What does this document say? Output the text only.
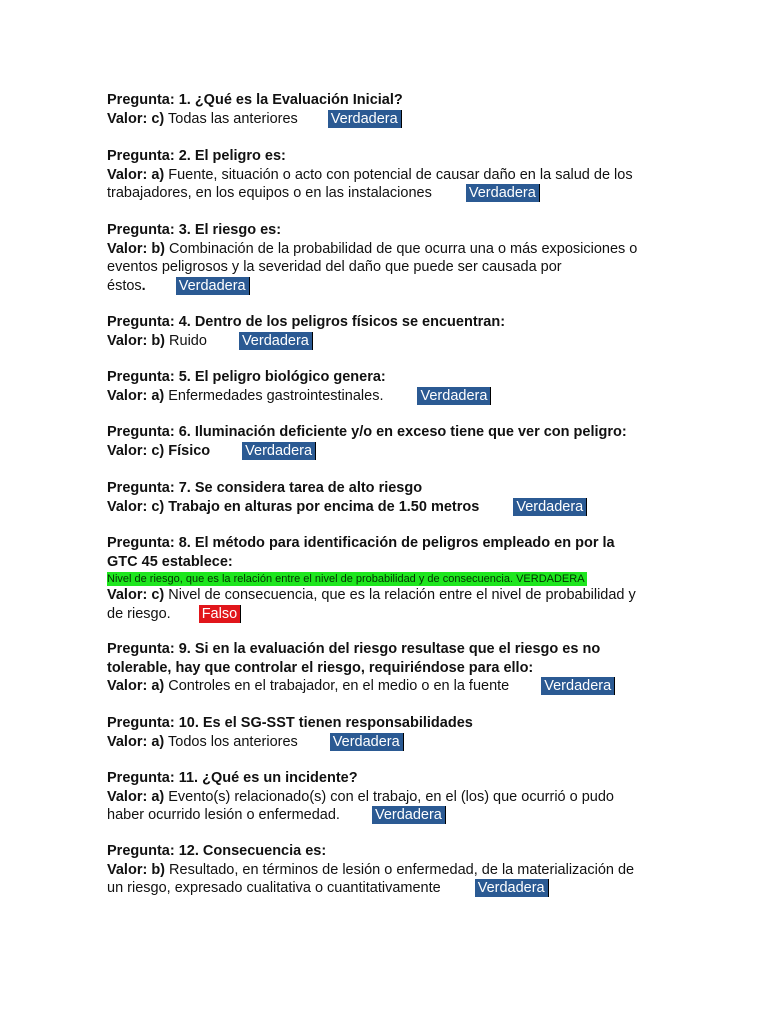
Pregunta: 1. ¿Qué es la Evaluación Inicial?
Valor: c) Todas las anteriores Verdadera
Pregunta: 2. El peligro es:
Valor: a) Fuente, situación o acto con potencial de causar daño en la salud de los
trabajadores, en los equipos o en las instalaciones	Verdadera
Pregunta: 3. El riesgo es:
Valor: b) Combinación de la probabilidad de que ocurra una o más exposiciones o
eventos peligrosos y la severidad del daño que puede ser causada por
éstos. Verdadera
Pregunta: 4. Dentro de los peligros físicos se encuentran:
Valor: b) Ruido Verdadera
Pregunta: 5. El peligro biológico genera:
Valor: a) Enfermedades gastrointestinales.	Verdadera
Pregunta: 6. Iluminación deficiente y/o en exceso tiene que ver con peligro:
Valor: c) Físico Verdadera
Pregunta: 7. Se considera tarea de alto riesgo
Valor: c) Trabajo en alturas por encima de 1.50 metros	Verdadera
Pregunta: 8. El método para identificación de peligros empleado en por la
GTC 45 establece:
Nivel de riesgo, que es la relación entre el nivel de probabilidad y de consecuencia. VERDADERA
Valor: c) Nivel de consecuencia, que es la relación entre el nivel de probabilidad y
de riesgo. Falso
Pregunta: 9. Si en la evaluación del riesgo resultase que el riesgo es no
tolerable, hay que controlar el riesgo, requiriéndose para ello:
Valor: a) Controles en el trabajador, en el medio o en la fuente Verdadera
Pregunta: 10. Es el SG-SST tienen responsabilidades
Valor: a) Todos los anteriores Verdadera
Pregunta: 11. ¿Qué es un incidente?
Valor: a) Evento(s) relacionado(s) con el trabajo, en el (los) que ocurrió o pudo
haber ocurrido lesión o enfermedad. Verdadera
Pregunta: 12. Consecuencia es:
Valor: b) Resultado, en términos de lesión o enfermedad, de la materialización de
un riesgo, expresado cualitativa o cuantitativamente	Verdadera
